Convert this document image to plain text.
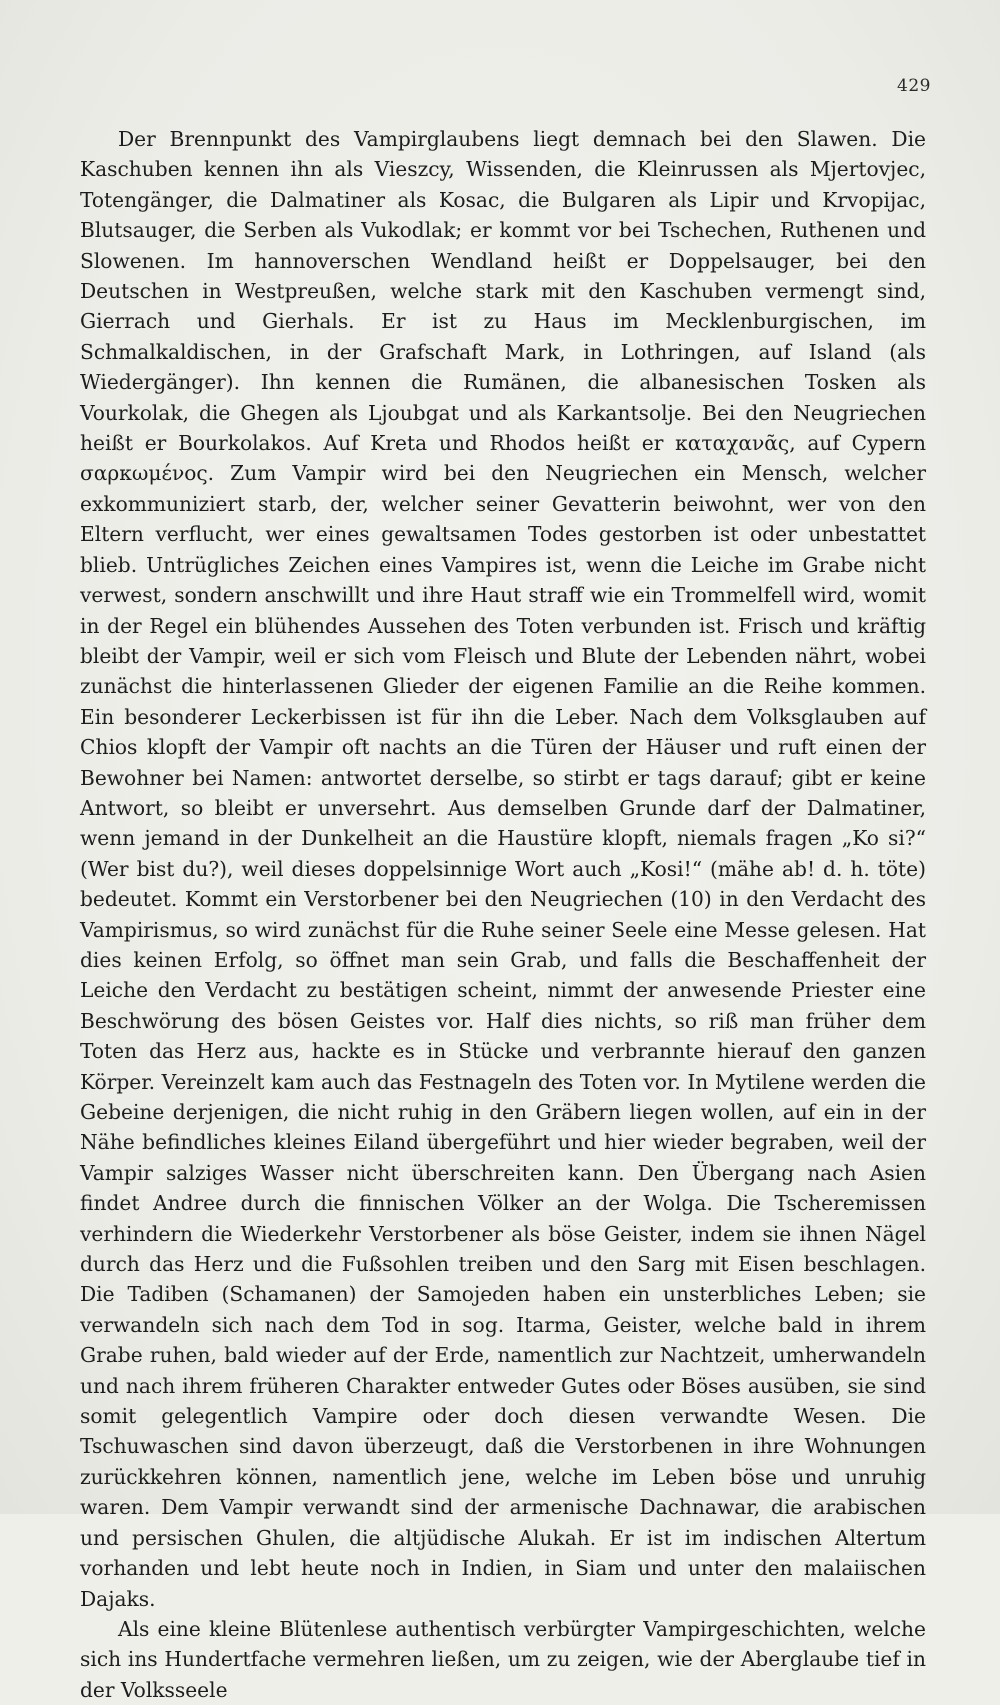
429

Der Brennpunkt des Vampirglaubens liegt demnach bei den Slawen. Die Kaschuben kennen ihn als Vieszcy, Wissenden, die Kleinrussen als Mjertovjec, Totengänger, die Dalmatiner als Kosac, die Bulgaren als Lipir und Krvopijac, Blutsauger, die Serben als Vukodlak; er kommt vor bei Tschechen, Ruthenen und Slowenen. Im hannoverschen Wendland heißt er Doppelsauger, bei den Deutschen in Westpreußen, welche stark mit den Kaschuben vermengt sind, Gierrach und Gierhals. Er ist zu Haus im Mecklenburgischen, im Schmalkaldischen, in der Grafschaft Mark, in Lothringen, auf Island (als Wiedergänger). Ihn kennen die Rumänen, die albanesischen Tosken als Vourkolak, die Ghegen als Ljoubgat und als Karkantsolje. Bei den Neugriechen heißt er Bourkolakos. Auf Kreta und Rhodos heißt er καταχανᾶς, auf Cypern σαρκωμένος. Zum Vampir wird bei den Neugriechen ein Mensch, welcher exkommuniziert starb, der, welcher seiner Gevatterin beiwohnt, wer von den Eltern verflucht, wer eines gewaltsamen Todes gestorben ist oder unbestattet blieb. Untrügliches Zeichen eines Vampires ist, wenn die Leiche im Grabe nicht verwest, sondern anschwillt und ihre Haut straff wie ein Trommelfell wird, womit in der Regel ein blühendes Aussehen des Toten verbunden ist. Frisch und kräftig bleibt der Vampir, weil er sich vom Fleisch und Blute der Lebenden nährt, wobei zunächst die hinterlassenen Glieder der eigenen Familie an die Reihe kommen. Ein besonderer Leckerbissen ist für ihn die Leber. Nach dem Volksglauben auf Chios klopft der Vampir oft nachts an die Türen der Häuser und ruft einen der Bewohner bei Namen: antwortet derselbe, so stirbt er tags darauf; gibt er keine Antwort, so bleibt er unversehrt. Aus demselben Grunde darf der Dalmatiner, wenn jemand in der Dunkelheit an die Haustüre klopft, niemals fragen „Ko si?“ (Wer bist du?), weil dieses doppelsinnige Wort auch „Kosi!“ (mähe ab! d. h. töte) bedeutet. Kommt ein Verstorbener bei den Neugriechen (10) in den Verdacht des Vampirismus, so wird zunächst für die Ruhe seiner Seele eine Messe gelesen. Hat dies keinen Erfolg, so öffnet man sein Grab, und falls die Beschaffenheit der Leiche den Verdacht zu bestätigen scheint, nimmt der anwesende Priester eine Beschwörung des bösen Geistes vor. Half dies nichts, so riß man früher dem Toten das Herz aus, hackte es in Stücke und verbrannte hierauf den ganzen Körper. Vereinzelt kam auch das Festnageln des Toten vor. In Mytilene werden die Gebeine derjenigen, die nicht ruhig in den Gräbern liegen wollen, auf ein in der Nähe befindliches kleines Eiland übergeführt und hier wieder begraben, weil der Vampir salziges Wasser nicht überschreiten kann. Den Übergang nach Asien findet Andree durch die finnischen Völker an der Wolga. Die Tscheremissen verhindern die Wiederkehr Verstorbener als böse Geister, indem sie ihnen Nägel durch das Herz und die Fußsohlen treiben und den Sarg mit Eisen beschlagen. Die Tadiben (Schamanen) der Samojeden haben ein unsterbliches Leben; sie verwandeln sich nach dem Tod in sog. Itarma, Geister, welche bald in ihrem Grabe ruhen, bald wieder auf der Erde, namentlich zur Nachtzeit, umherwandeln und nach ihrem früheren Charakter entweder Gutes oder Böses ausüben, sie sind somit gelegentlich Vampire oder doch diesen verwandte Wesen. Die Tschuwaschen sind davon überzeugt, daß die Verstorbenen in ihre Wohnungen zurückkehren können, namentlich jene, welche im Leben böse und unruhig waren. Dem Vampir verwandt sind der armenische Dachnawar, die arabischen und persischen Ghulen, die altjüdische Alukah. Er ist im indischen Altertum vorhanden und lebt heute noch in Indien, in Siam und unter den malaiischen Dajaks.

Als eine kleine Blütenlese authentisch verbürgter Vampirgeschichten, welche sich ins Hundertfache vermehren ließen, um zu zeigen, wie der Aberglaube tief in der Volksseele
